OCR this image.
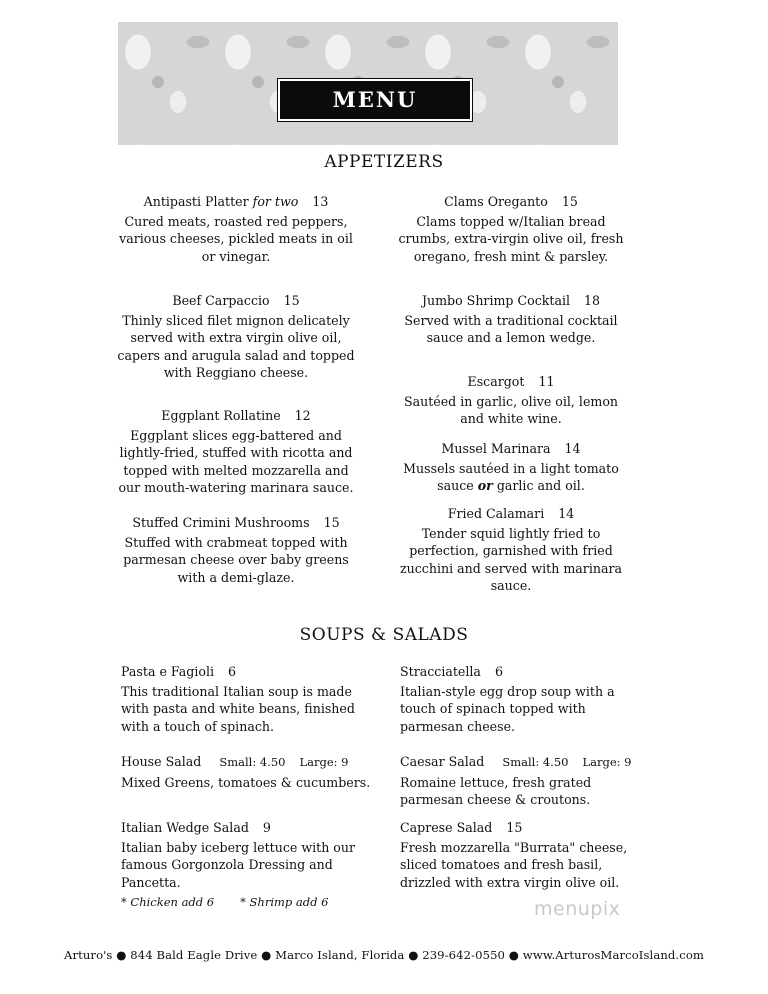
MENU
APPETIZERS
Antipasti Platter for two 13
Cured meats, roasted red peppers, various cheeses, pickled meats in oil or vinegar.
Beef Carpaccio 15
Thinly sliced filet mignon delicately served with extra virgin olive oil, capers and arugula salad and topped with Reggiano cheese.
Eggplant Rollatine 12
Eggplant slices egg-battered and lightly-fried, stuffed with ricotta and topped with melted mozzarella and our mouth-watering marinara sauce.
Stuffed Crimini Mushrooms 15
Stuffed with crabmeat topped with parmesan cheese over baby greens with a demi-glaze.
Clams Oreganto 15
Clams topped w/Italian bread crumbs, extra-virgin olive oil, fresh oregano, fresh mint & parsley.
Jumbo Shrimp Cocktail 18
Served with a traditional cocktail sauce and a lemon wedge.
Escargot 11
Sautéed in garlic, olive oil, lemon and white wine.
Mussel Marinara 14
Mussels sautéed in a light tomato sauce or garlic and oil.
Fried Calamari 14
Tender squid lightly fried to perfection, garnished with fried zucchini and served with marinara sauce.
SOUPS & SALADS
Pasta e Fagioli 6
This traditional Italian soup is made with pasta and white beans, finished with a touch of spinach.
House Salad Small: 4.50 Large: 9
Mixed Greens, tomatoes & cucumbers.
Italian Wedge Salad 9
Italian baby iceberg lettuce with our famous Gorgonzola Dressing and Pancetta.
Stracciatella 6
Italian-style egg drop soup with a touch of spinach topped with parmesan cheese.
Caesar Salad Small: 4.50 Large: 9
Romaine lettuce, fresh grated parmesan cheese & croutons.
Caprese Salad 15
Fresh mozzarella "Burrata" cheese, sliced tomatoes and fresh basil, drizzled with extra virgin olive oil.
* Chicken add 6 * Shrimp add 6	menupix
Arturo's ● 844 Bald Eagle Drive ● Marco Island, Florida ● 239-642-0550 ● www.ArturosMarcoIsland.com
